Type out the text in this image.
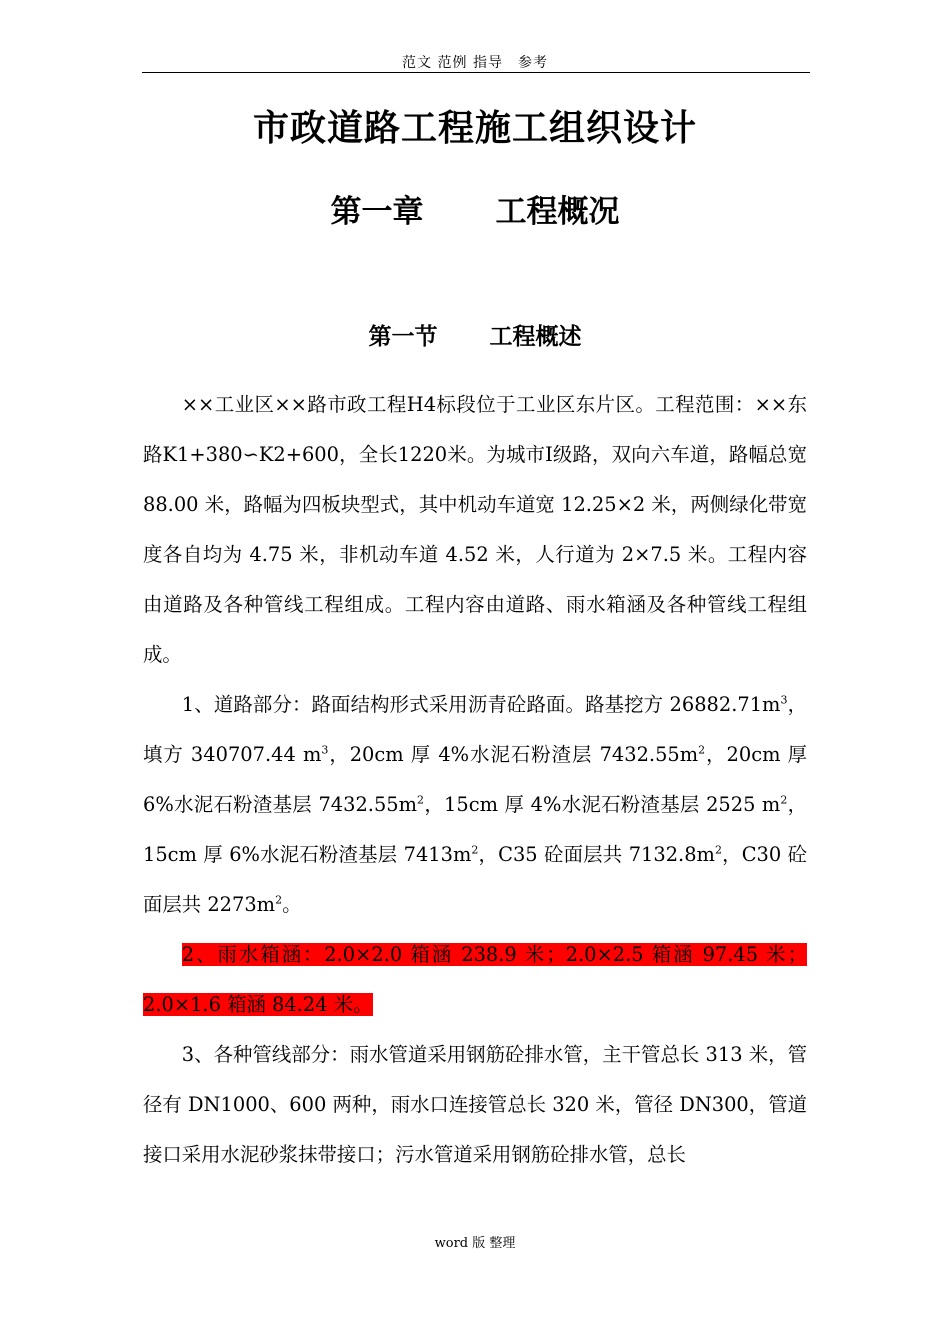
范文 范例 指导　参考
市政道路工程施工组织设计
第一章 工程概况
第一节 工程概述

××工业区××路市政工程H4标段位于工业区东片区。工程范围：××东路K1+380∽K2+600，全长1220米。为城市Ⅰ级路，双向六车道，路幅总宽 88.00 米，路幅为四板块型式，其中机动车道宽 12.25×2 米，两侧绿化带宽度各自均为 4.75 米，非机动车道 4.52 米，人行道为 2×7.5 米。工程内容由道路及各种管线工程组成。工程内容由道路、雨水箱涵及各种管线工程组成。

1、道路部分：路面结构形式采用沥青砼路面。路基挖方 $26882.71m^3$，填方 340707.44 $m^3$，20cm 厚 4%水泥石粉渣层 $7432.55m^2$，20cm 厚 6%水泥石粉渣基层 $7432.55m^2$，15cm 厚 4%水泥石粉渣基层 2525 $m^2$，15cm 厚 6%水泥石粉渣基层 $7413m^2$，C35 砼面层共 $7132.8m^2$，C30 砼面层共 $2273m^2$。

2、雨水箱涵：2.0×2.0 箱涵 238.9 米；2.0×2.5 箱涵 97.45 米；2.0×1.6 箱涵 84.24 米。

3、各种管线部分：雨水管道采用钢筋砼排水管，主干管总长 313 米，管径有 DN1000、600 两种，雨水口连接管总长 320 米，管径 DN300，管道接口采用水泥砂浆抹带接口；污水管道采用钢筋砼排水管，总长

word 版 整理
